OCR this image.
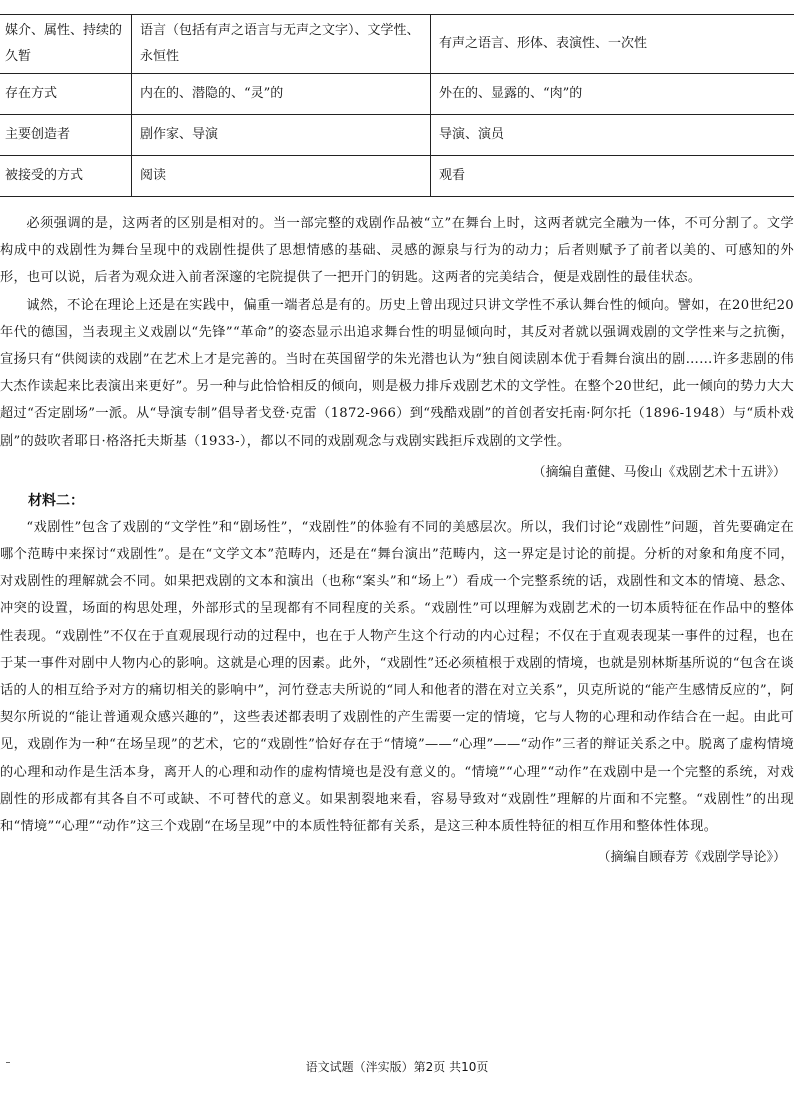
媒介、属性、持续的久暂	语言（包括有声之语言与无声之文字）、文学性、永恒性	有声之语言、形体、表演性、一次性
存在方式	内在的、潜隐的、“灵”的	外在的、显露的、“肉”的
主要创造者	剧作家、导演	导演、演员
被接受的方式	阅读	观看

必须强调的是，这两者的区别是相对的。当一部完整的戏剧作品被“立”在舞台上时，这两者就完全融为一体，不可分割了。文学构成中的戏剧性为舞台呈现中的戏剧性提供了思想情感的基础、灵感的源泉与行为的动力；后者则赋予了前者以美的、可感知的外形，也可以说，后者为观众进入前者深邃的宅院提供了一把开门的钥匙。这两者的完美结合，便是戏剧性的最佳状态。

诚然，不论在理论上还是在实践中，偏重一端者总是有的。历史上曾出现过只讲文学性不承认舞台性的倾向。譬如，在20世纪20年代的德国，当表现主义戏剧以“先锋”“革命”的姿态显示出追求舞台性的明显倾向时，其反对者就以强调戏剧的文学性来与之抗衡，宣扬只有“供阅读的戏剧”在艺术上才是完善的。当时在英国留学的朱光潜也认为“独自阅读剧本优于看舞台演出的剧……许多悲剧的伟大杰作读起来比表演出来更好”。另一种与此恰恰相反的倾向，则是极力排斥戏剧艺术的文学性。在整个20世纪，此一倾向的势力大大超过“否定剧场”一派。从“导演专制”倡导者戈登·克雷（1872-966）到“残酷戏剧”的首创者安托南·阿尔托（1896-1948）与“质朴戏剧”的鼓吹者耶日·格洛托夫斯基（1933-），都以不同的戏剧观念与戏剧实践拒斥戏剧的文学性。

（摘编自董健、马俊山《戏剧艺术十五讲》）
材料二：

“戏剧性”包含了戏剧的“文学性”和“剧场性”，“戏剧性”的体验有不同的美感层次。所以，我们讨论“戏剧性”问题，首先要确定在哪个范畴中来探讨“戏剧性”。是在“文学文本”范畴内，还是在“舞台演出”范畴内，这一界定是讨论的前提。分析的对象和角度不同，对戏剧性的理解就会不同。如果把戏剧的文本和演出（也称“案头”和“场上”）看成一个完整系统的话，戏剧性和文本的情境、悬念、冲突的设置，场面的构思处理，外部形式的呈现都有不同程度的关系。“戏剧性”可以理解为戏剧艺术的一切本质特征在作品中的整体性表现。“戏剧性”不仅在于直观展现行动的过程中，也在于人物产生这个行动的内心过程；不仅在于直观表现某一事件的过程，也在于某一事件对剧中人物内心的影响。这就是心理的因素。此外，“戏剧性”还必须植根于戏剧的情境，也就是别林斯基所说的“包含在谈话的人的相互给予对方的痛切相关的影响中”，河竹登志夫所说的“同人和他者的潜在对立关系”，贝克所说的“能产生感情反应的”，阿契尔所说的“能让普通观众感兴趣的”，这些表述都表明了戏剧性的产生需要一定的情境，它与人物的心理和动作结合在一起。由此可见，戏剧作为一种“在场呈现”的艺术，它的“戏剧性”恰好存在于“情境”——“心理”——“动作”三者的辩证关系之中。脱离了虚构情境的心理和动作是生活本身，离开人的心理和动作的虚构情境也是没有意义的。“情境”“心理”“动作”在戏剧中是一个完整的系统，对戏剧性的形成都有其各自不可或缺、不可替代的意义。如果割裂地来看，容易导致对“戏剧性”理解的片面和不完整。“戏剧性”的出现和“情境”“心理”“动作”这三个戏剧“在场呈现”中的本质性特征都有关系，是这三种本质性特征的相互作用和整体性体现。

（摘编自顾春芳《戏剧学导论》）
语文试题（泮实版）第2页 共10页
